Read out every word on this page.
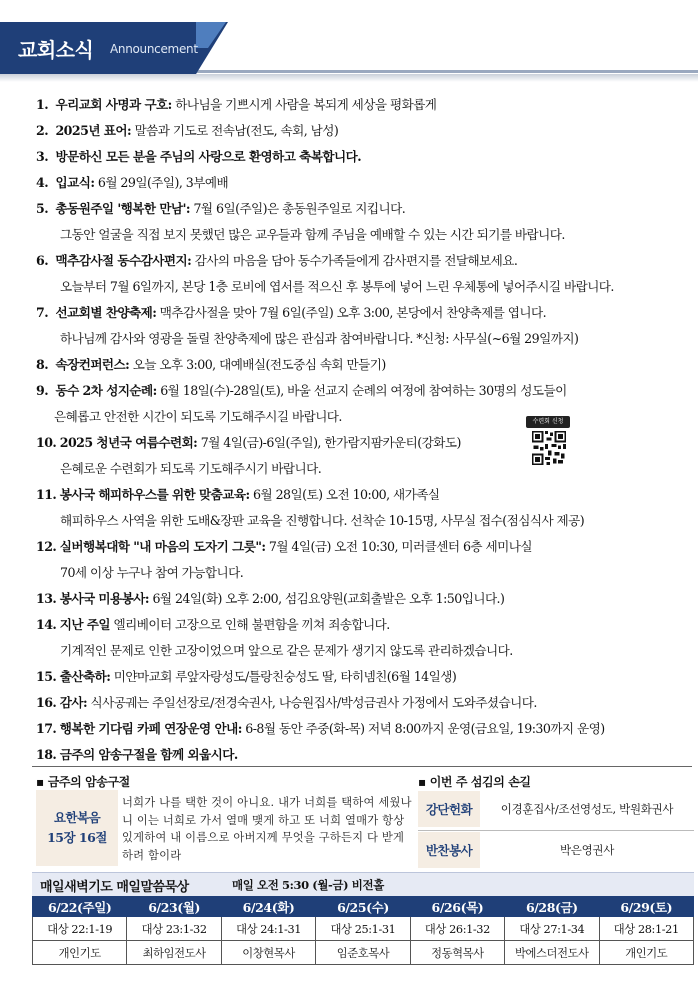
교회소식 Announcement
1. 우리교회 사명과 구호: 하나님을 기쁘시게 사람을 복되게 세상을 평화롭게
2. 2025년 표어: 말씀과 기도로 전속남(전도, 속회, 남성)
3. 방문하신 모든 분을 주님의 사랑으로 환영하고 축복합니다.
4. 입교식: 6월 29일(주일), 3부예배
5. 총동원주일 '행복한 만남': 7월 6일(주일)은 총동원주일로 지킵니다.
그동안 얼굴을 직접 보지 못했던 많은 교우들과 함께 주님을 예배할 수 있는 시간 되기를 바랍니다.
6. 맥추감사절 동수감사편지: 감사의 마음을 담아 동수가족들에게 감사편지를 전달해보세요.
오늘부터 7월 6일까지, 본당 1층 로비에 엽서를 적으신 후 봉투에 넣어 느린 우체통에 넣어주시길 바랍니다.
7. 선교회별 찬양축제: 맥추감사절을 맞아 7월 6일(주일) 오후 3:00, 본당에서 찬양축제를 엽니다.
하나님께 감사와 영광을 돌릴 찬양축제에 많은 관심과 참여바랍니다. *신청: 사무실(~6월 29일까지)
8. 속장컨퍼런스: 오늘 오후 3:00, 대예배실(전도중심 속회 만들기)
9. 동수 2차 성지순례: 6월 18일(수)-28일(토), 바울 선교지 순례의 여정에 참여하는 30명의 성도들이
은혜롭고 안전한 시간이 되도록 기도해주시길 바랍니다.
10. 2025 청년국 여름수련회: 7월 4일(금)-6일(주일), 한가람지팜카운티(강화도)
은혜로운 수련회가 되도록 기도해주시기 바랍니다.
11. 봉사국 해피하우스를 위한 맞춤교육: 6월 28일(토) 오전 10:00, 새가족실
해피하우스 사역을 위한 도배&장판 교육을 진행합니다. 선착순 10-15명, 사무실 접수(점심식사 제공)
12. 실버행복대학 "내 마음의 도자기 그릇": 7월 4일(금) 오전 10:30, 미러클센터 6층 세미나실
70세 이상 누구나 참여 가능합니다.
13. 봉사국 미용봉사: 6월 24일(화) 오후 2:00, 섬김요양원(교회출발은 오후 1:50입니다.)
14. 지난 주일 엘리베이터 고장으로 인해 불편함을 끼쳐 죄송합니다.
기계적인 문제로 인한 고장이었으며 앞으로 같은 문제가 생기지 않도록 관리하겠습니다.
15. 출산축하: 미얀마교회 루앞자랑성도/틀랑친숭성도 딸, 타히넴친(6월 14일생)
16. 감사: 식사공궤는 주일선장로/전경숙권사, 나승원집사/박성금권사 가정에서 도와주셨습니다.
17. 행복한 기다림 카페 연장운영 안내: 6-8월 동안 주중(화-목) 저녁 8:00까지 운영(금요일, 19:30까지 운영)
18. 금주의 암송구절을 함께 외웁시다.
수련회 신청
▪ 금주의 암송구절	▪ 이번 주 섬김의 손길
요한복음
15장 16절
너희가 나를 택한 것이 아니요. 내가 너희를 택하여 세웠나니 이는 너희로 가서 열매 맺게 하고 또 너희 열매가 항상 있게하여 내 이름으로 아버지께 무엇을 구하든지 다 받게 하려 함이라
강단헌화	이경훈집사/조선영성도, 박원화권사
반찬봉사	박은영권사
매일새벽기도 매일말씀묵상	매일 오전 5:30 (월-금) 비전홀
6/22(주일)	6/23(월)	6/24(화)	6/25(수)	6/26(목)	6/28(금)	6/29(토)
대상 22:1-19	대상 23:1-32	대상 24:1-31	대상 25:1-31	대상 26:1-32	대상 27:1-34	대상 28:1-21
개인기도	최하임전도사	이창현목사	임준호목사	정동혁목사	박에스더전도사	개인기도
